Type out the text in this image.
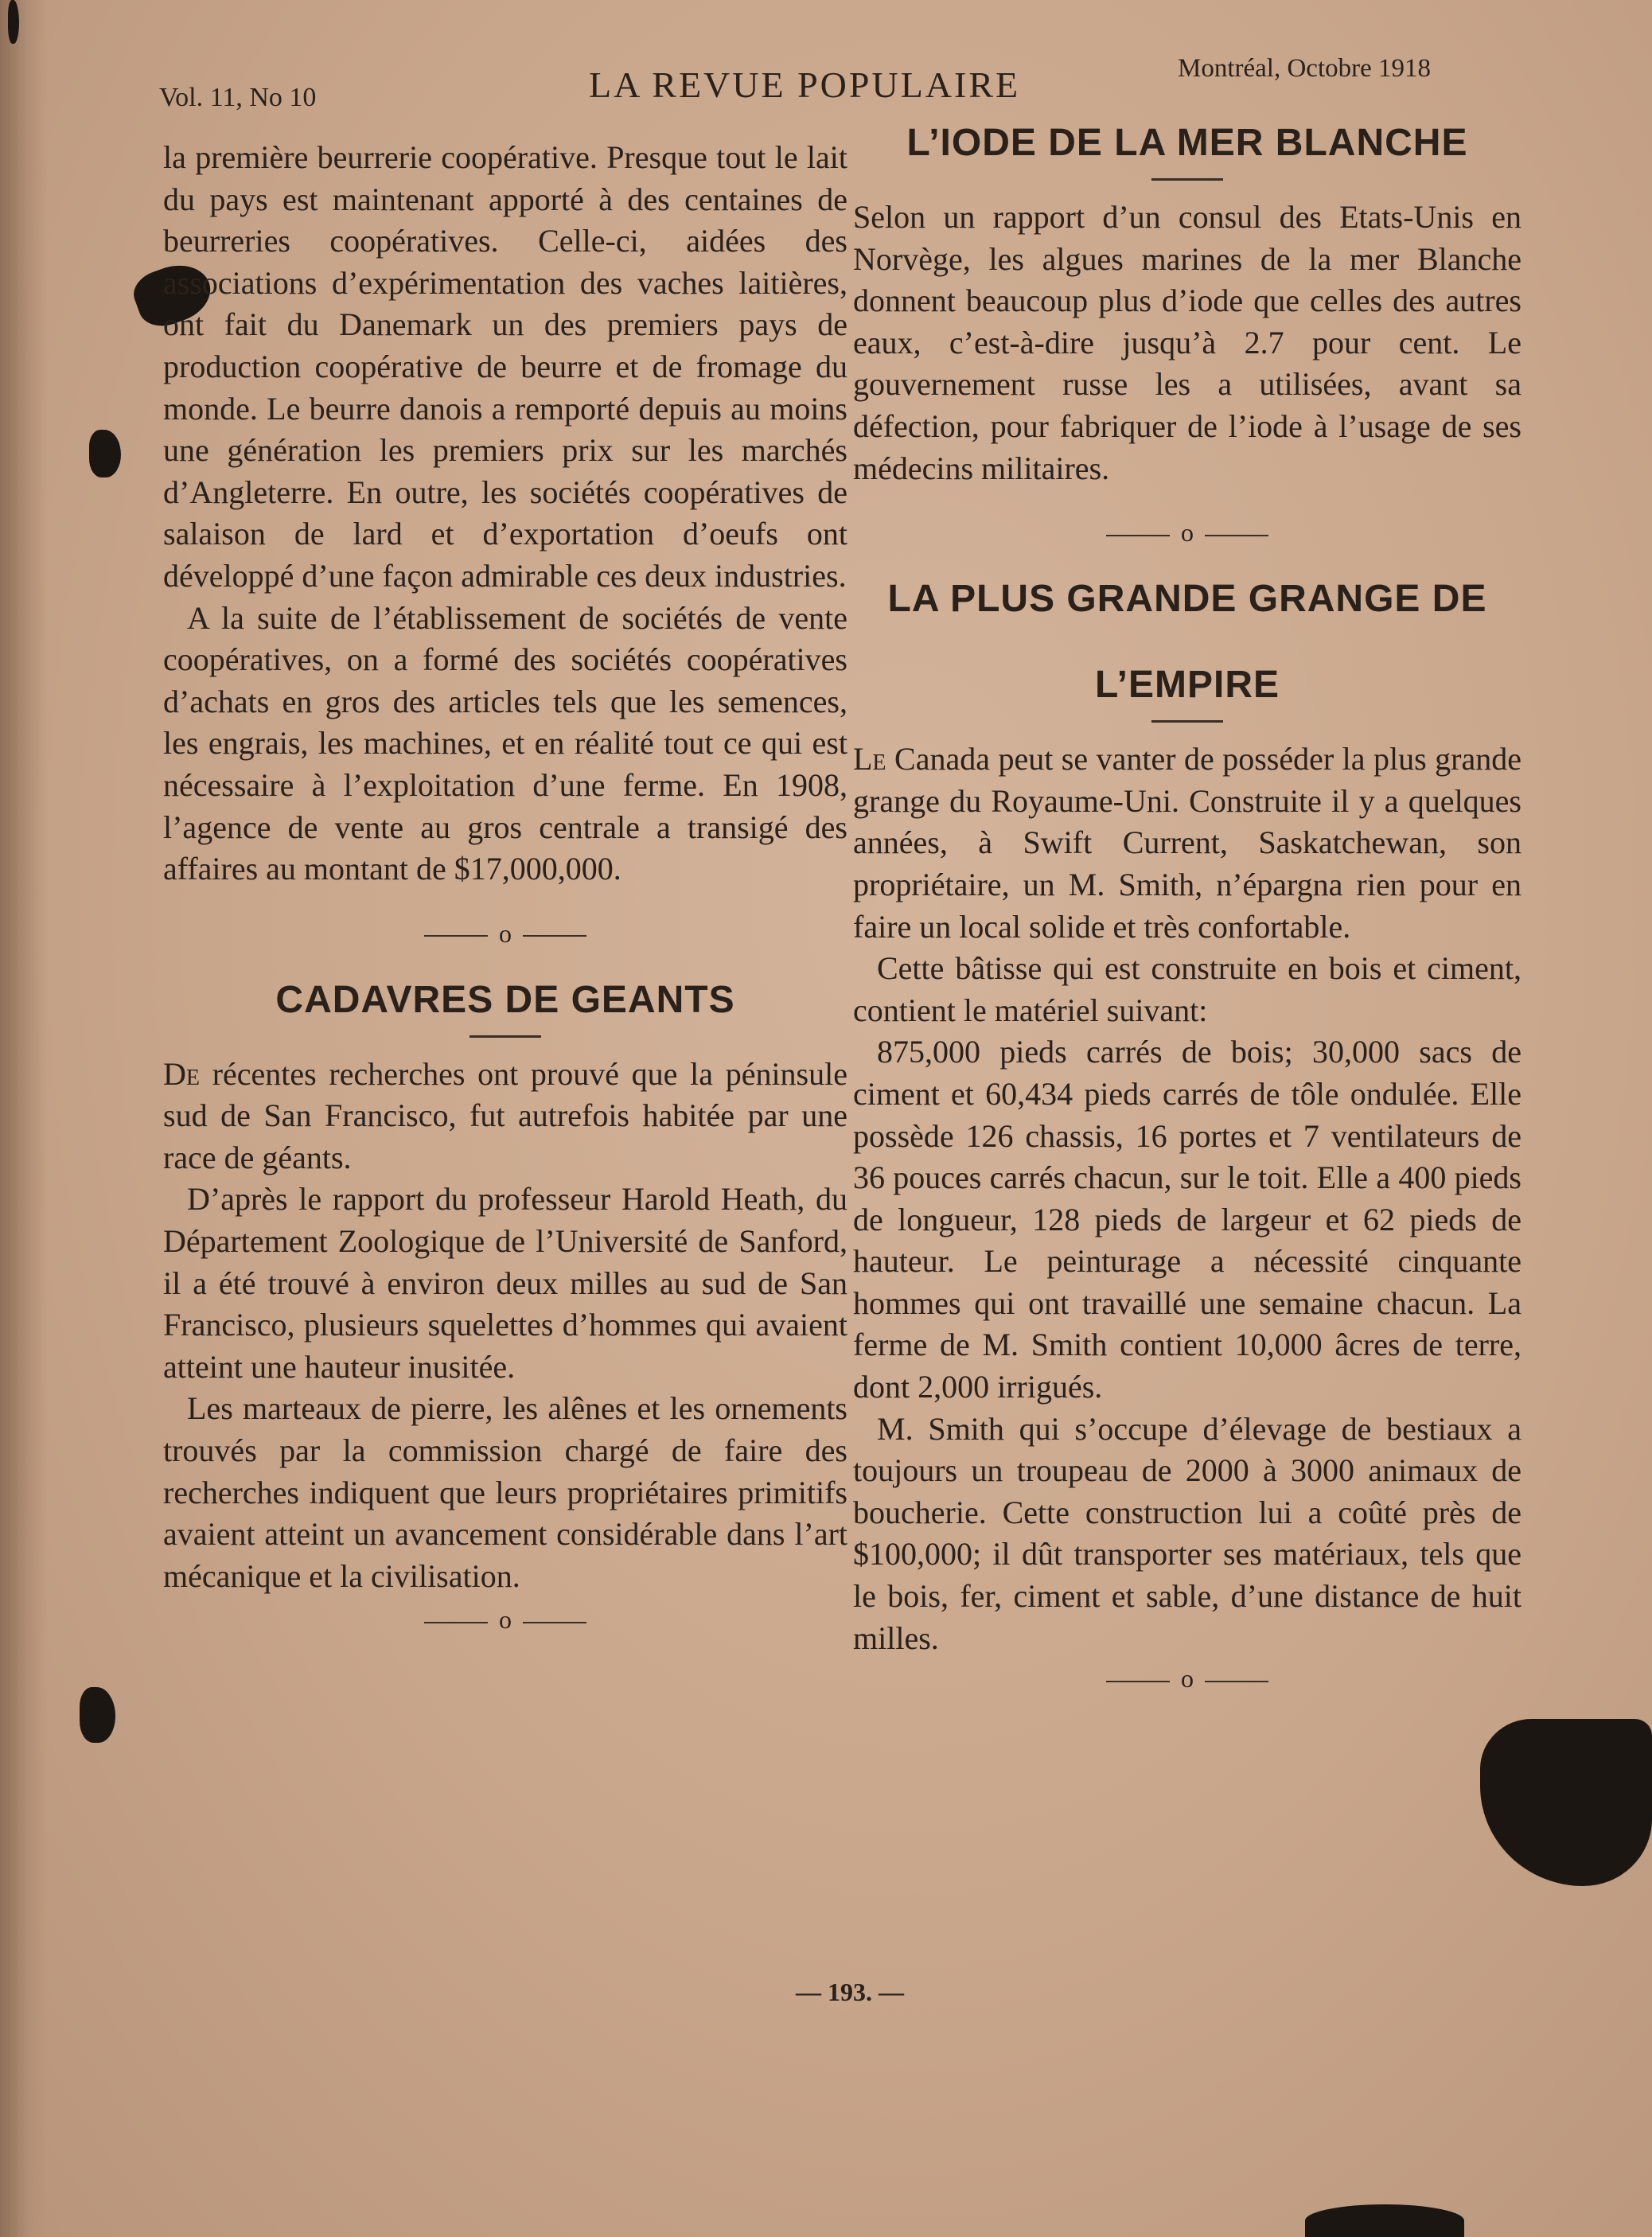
Vol. 11, No 10	LA REVUE POPULAIRE	Montréal, Octobre 1918

la première beurrerie coopérative. Presque tout le lait du pays est maintenant apporté à des centaines de beurreries coopératives. Celle-ci, aidées des associations d’expérimentation des vaches laitières, ont fait du Danemark un des premiers pays de production coopérative de beurre et de fromage du monde. Le beurre danois a remporté depuis au moins une génération les premiers prix sur les marchés d’Angleterre. En outre, les sociétés coopératives de salaison de lard et d’exportation d’oeufs ont développé d’une façon admirable ces deux industries.

A la suite de l’établissement de sociétés de vente coopératives, on a formé des sociétés coopératives d’achats en gros des articles tels que les semences, les engrais, les machines, et en réalité tout ce qui est nécessaire à l’exploitation d’une ferme. En 1908, l’agence de vente au gros centrale a transigé des affaires au montant de $17,000,000.

o
CADAVRES DE GEANTS

De récentes recherches ont prouvé que la péninsule sud de San Francisco, fut autrefois habitée par une race de géants.

D’après le rapport du professeur Harold Heath, du Département Zoologique de l’Université de Sanford, il a été trouvé à environ deux milles au sud de San Francisco, plusieurs squelettes d’hommes qui avaient atteint une hauteur inusitée.

Les marteaux de pierre, les alênes et les ornements trouvés par la commission chargé de faire des recherches indiquent que leurs propriétaires primitifs avaient atteint un avancement considérable dans l’art mécanique et la civilisation.

o
L’IODE DE LA MER BLANCHE

Selon un rapport d’un consul des Etats-Unis en Norvège, les algues marines de la mer Blanche donnent beaucoup plus d’iode que celles des autres eaux, c’est-à-dire jusqu’à 2.7 pour cent. Le gouvernement russe les a utilisées, avant sa défection, pour fabriquer de l’iode à l’usage de ses médecins militaires.

o
LA PLUS GRANDE GRANGE DE
L’EMPIRE

Le Canada peut se vanter de posséder la plus grande grange du Royaume-Uni. Construite il y a quelques années, à Swift Current, Saskatchewan, son propriétaire, un M. Smith, n’épargna rien pour en faire un local solide et très confortable.

Cette bâtisse qui est construite en bois et ciment, contient le matériel suivant:

875,000 pieds carrés de bois; 30,000 sacs de ciment et 60,434 pieds carrés de tôle ondulée. Elle possède 126 chassis, 16 portes et 7 ventilateurs de 36 pouces carrés chacun, sur le toit. Elle a 400 pieds de longueur, 128 pieds de largeur et 62 pieds de hauteur. Le peinturage a nécessité cinquante hommes qui ont travaillé une semaine chacun. La ferme de M. Smith contient 10,000 âcres de terre, dont 2,000 irrigués.

M. Smith qui s’occupe d’élevage de bestiaux a toujours un troupeau de 2000 à 3000 animaux de boucherie. Cette construction lui a coûté près de $100,000; il dût transporter ses matériaux, tels que le bois, fer, ciment et sable, d’une distance de huit milles.

o
— 193. —
